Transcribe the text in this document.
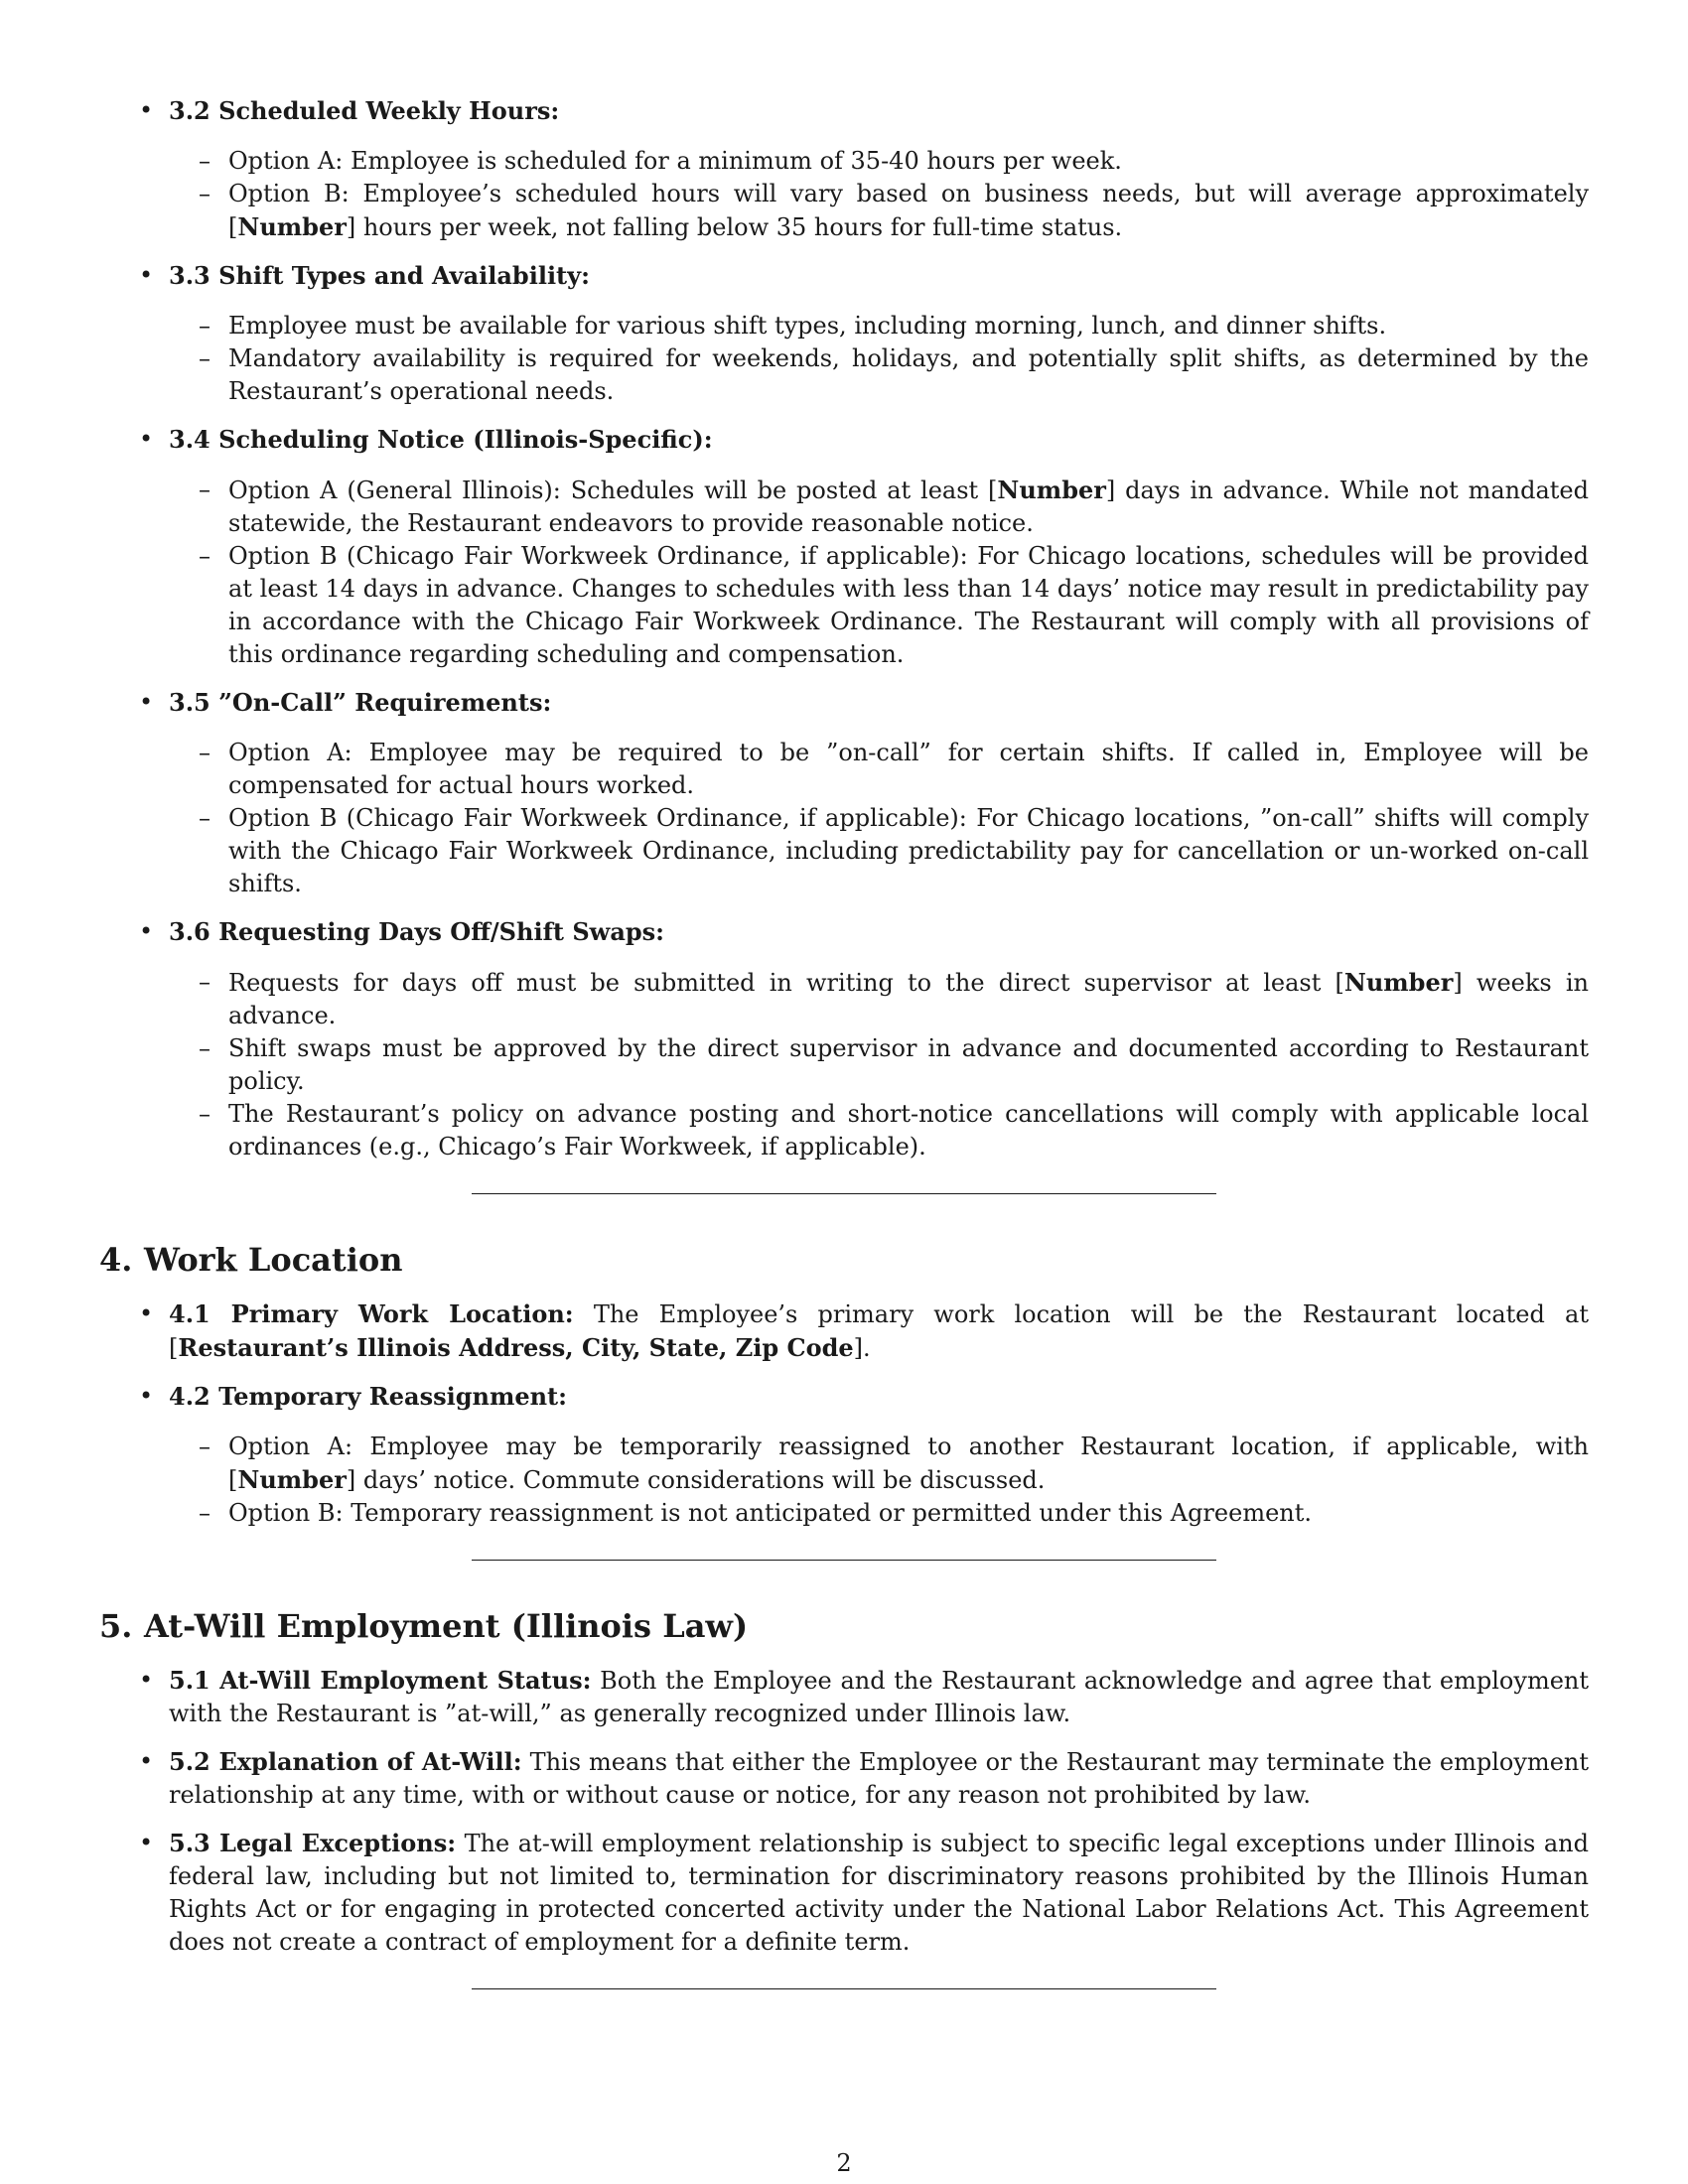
• 3.2 Scheduled Weekly Hours:
– Option A: Employee is scheduled for a minimum of 35-40 hours per week.
– Option B: Employee’s scheduled hours will vary based on business needs, but will average approximately [Number] hours per week, not falling below 35 hours for full-time status.
• 3.3 Shift Types and Availability:
– Employee must be available for various shift types, including morning, lunch, and dinner shifts.
– Mandatory availability is required for weekends, holidays, and potentially split shifts, as determined by the Restaurant’s operational needs.
• 3.4 Scheduling Notice (Illinois-Specific):
– Option A (General Illinois): Schedules will be posted at least [Number] days in advance. While not mandated statewide, the Restaurant endeavors to provide reasonable notice.
– Option B (Chicago Fair Workweek Ordinance, if applicable): For Chicago locations, schedules will be provided at least 14 days in advance. Changes to schedules with less than 14 days’ notice may result in predictability pay in accordance with the Chicago Fair Workweek Ordinance. The Restaurant will comply with all provisions of this ordinance regarding scheduling and compensation.
• 3.5 ”On-Call” Requirements:
– Option A: Employee may be required to be ”on-call” for certain shifts. If called in, Employee will be compensated for actual hours worked.
– Option B (Chicago Fair Workweek Ordinance, if applicable): For Chicago locations, ”on-call” shifts will comply with the Chicago Fair Workweek Ordinance, including predictability pay for cancellation or un-worked on-call shifts.
• 3.6 Requesting Days Off/Shift Swaps:
– Requests for days off must be submitted in writing to the direct supervisor at least [Number] weeks in advance.
– Shift swaps must be approved by the direct supervisor in advance and documented according to Restaurant policy.
– The Restaurant’s policy on advance posting and short-notice cancellations will comply with applicable local ordinances (e.g., Chicago’s Fair Workweek, if applicable).
4. Work Location
• 4.1 Primary Work Location: The Employee’s primary work location will be the Restaurant located at [Restaurant’s Illinois Address, City, State, Zip Code].
• 4.2 Temporary Reassignment:
– Option A: Employee may be temporarily reassigned to another Restaurant location, if applicable, with [Number] days’ notice. Commute considerations will be discussed.
– Option B: Temporary reassignment is not anticipated or permitted under this Agreement.
5. At-Will Employment (Illinois Law)
• 5.1 At-Will Employment Status: Both the Employee and the Restaurant acknowledge and agree that employment with the Restaurant is ”at-will,” as generally recognized under Illinois law.
• 5.2 Explanation of At-Will: This means that either the Employee or the Restaurant may terminate the employment relationship at any time, with or without cause or notice, for any reason not prohibited by law.
• 5.3 Legal Exceptions: The at-will employment relationship is subject to specific legal exceptions under Illinois and federal law, including but not limited to, termination for discriminatory reasons prohibited by the Illinois Human Rights Act or for engaging in protected concerted activity under the National Labor Relations Act. This Agreement does not create a contract of employment for a definite term.
2
